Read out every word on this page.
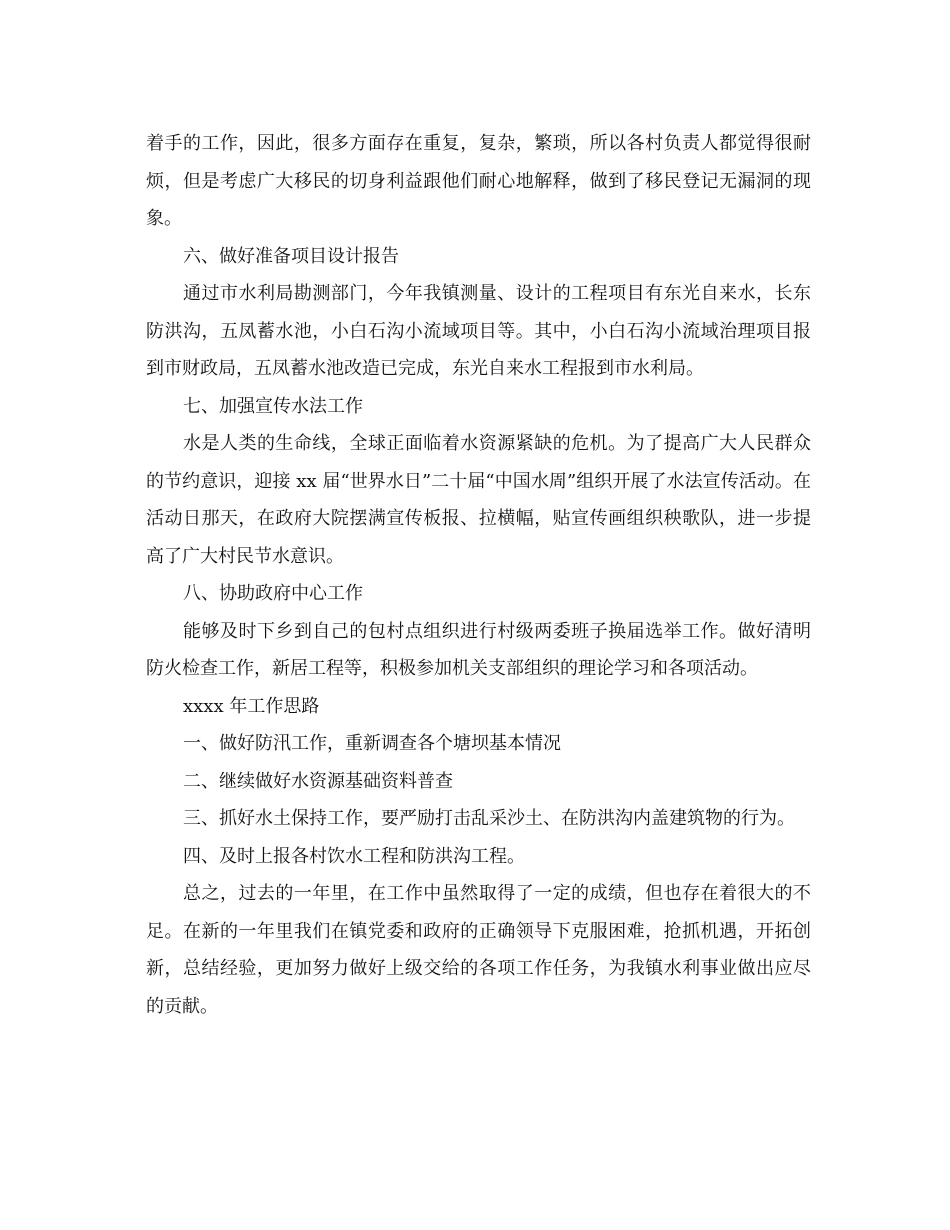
着手的工作，因此，很多方面存在重复，复杂，繁琐，所以各村负责人都觉得很耐烦，但是考虑广大移民的切身利益跟他们耐心地解释，做到了移民登记无漏洞的现象。

六、做好准备项目设计报告

通过市水利局勘测部门，今年我镇测量、设计的工程项目有东光自来水，长东防洪沟，五凤蓄水池，小白石沟小流域项目等。其中，小白石沟小流域治理项目报到市财政局，五凤蓄水池改造已完成，东光自来水工程报到市水利局。

七、加强宣传水法工作

水是人类的生命线，全球正面临着水资源紧缺的危机。为了提高广大人民群众的节约意识，迎接 xx 届“世界水日”二十届“中国水周”组织开展了水法宣传活动。在活动日那天，在政府大院摆满宣传板报、拉横幅，贴宣传画组织秧歌队，进一步提高了广大村民节水意识。

八、协助政府中心工作

能够及时下乡到自己的包村点组织进行村级两委班子换届选举工作。做好清明防火检查工作，新居工程等，积极参加机关支部组织的理论学习和各项活动。

xxxx 年工作思路

一、做好防汛工作，重新调查各个塘坝基本情况

二、继续做好水资源基础资料普查

三、抓好水土保持工作，要严励打击乱采沙土、在防洪沟内盖建筑物的行为。

四、及时上报各村饮水工程和防洪沟工程。

总之，过去的一年里，在工作中虽然取得了一定的成绩，但也存在着很大的不足。在新的一年里我们在镇党委和政府的正确领导下克服困难，抢抓机遇，开拓创新，总结经验，更加努力做好上级交给的各项工作任务，为我镇水利事业做出应尽的贡献。
